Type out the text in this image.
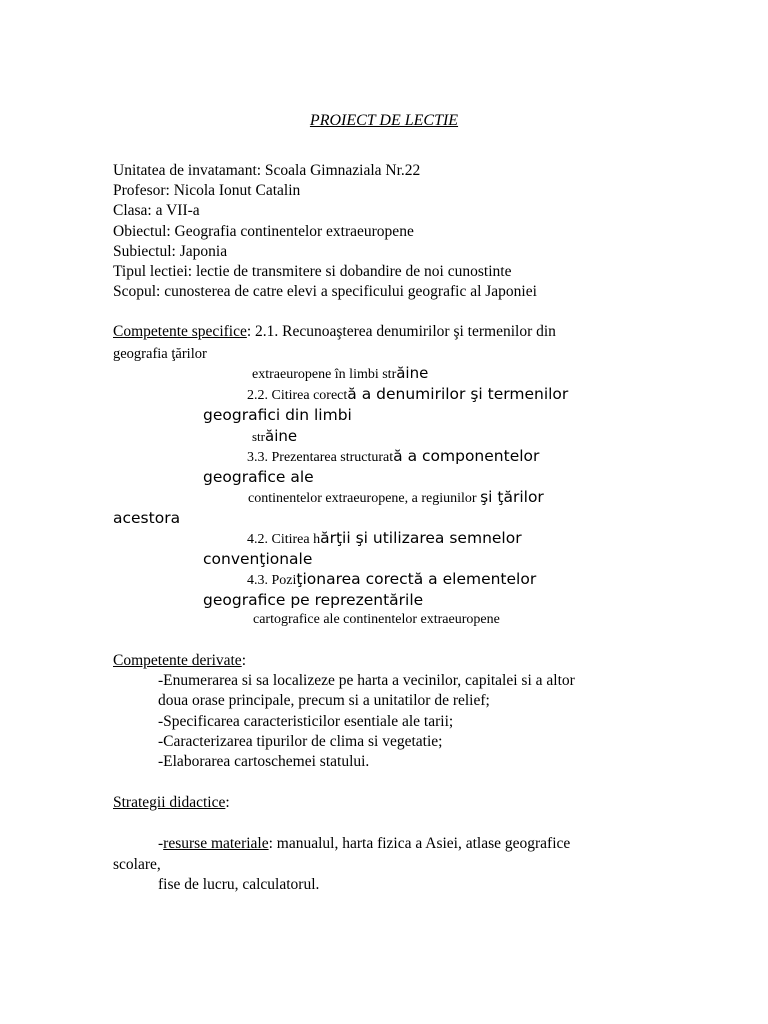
PROIECT DE LECTIE
Unitatea de invatamant: Scoala Gimnaziala Nr.22
Profesor: Nicola Ionut Catalin
Clasa: a VII-a
Obiectul: Geografia continentelor extraeuropene
Subiectul: Japonia
Tipul lectiei: lectie de transmitere si dobandire de noi cunostinte
Scopul: cunosterea de catre elevi a specificului geografic al Japoniei
Competente specifice: 2.1. Recunoaşterea denumirilor şi termenilor din
geografia ţărilor
extraeuropene în limbi străine
2.2. Citirea corectă a denumirilor şi termenilor
geografici din limbi
străine
3.3. Prezentarea structurată a componentelor
geografice ale
continentelor extraeuropene, a regiunilor şi ţărilor
acestora
4.2. Citirea hărţii şi utilizarea semnelor
convenţionale
4.3. Poziţionarea corectă a elementelor
geografice pe reprezentările
cartografice ale continentelor extraeuropene
Competente derivate:
-Enumerarea si sa localizeze pe harta a vecinilor, capitalei si a altor
doua orase principale, precum si a unitatilor de relief;
-Specificarea caracteristicilor esentiale ale tarii;
-Caracterizarea tipurilor de clima si vegetatie;
-Elaborarea cartoschemei statului.
Strategii didactice:
-resurse materiale: manualul, harta fizica a Asiei, atlase geografice
scolare,
fise de lucru, calculatorul.
